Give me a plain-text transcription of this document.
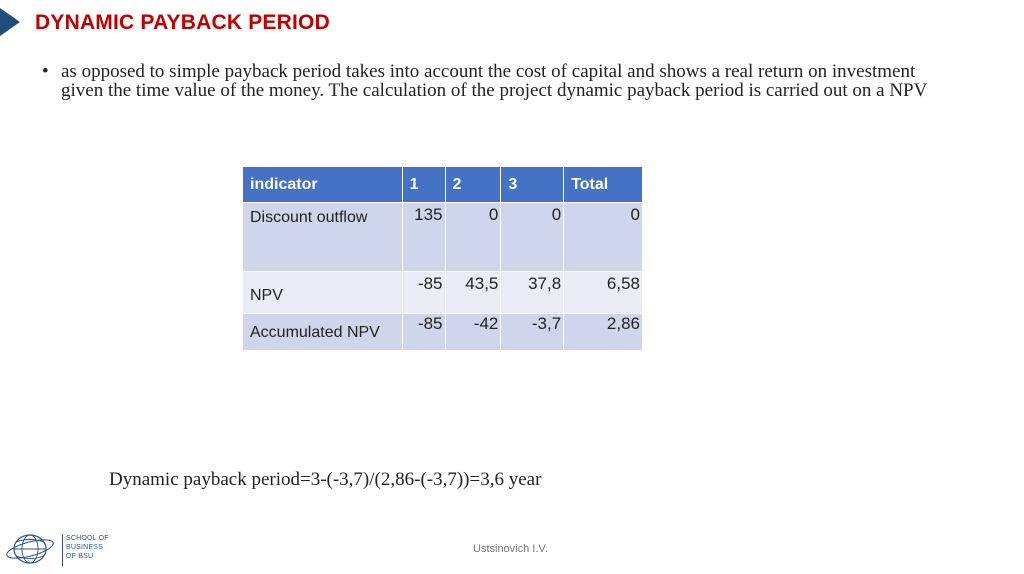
DYNAMIC PAYBACK PERIOD
• as opposed to simple payback period takes into account the cost of capital and shows a real return on investment given the time value of the money. The calculation of the project dynamic payback period is carried out on a NPV
indicator	1	2	3	Total
Discount outflow	135	0	0	0
NPV	-85	43,5	37,8	6,58
Accumulated NPV	-85	-42	-3,7	2,86
Dynamic payback period=3-(-3,7)/(2,86-(-3,7))=3,6 year
SCHOOL OF
BUSINESS
OF BSU
Ustsinovich I.V.
